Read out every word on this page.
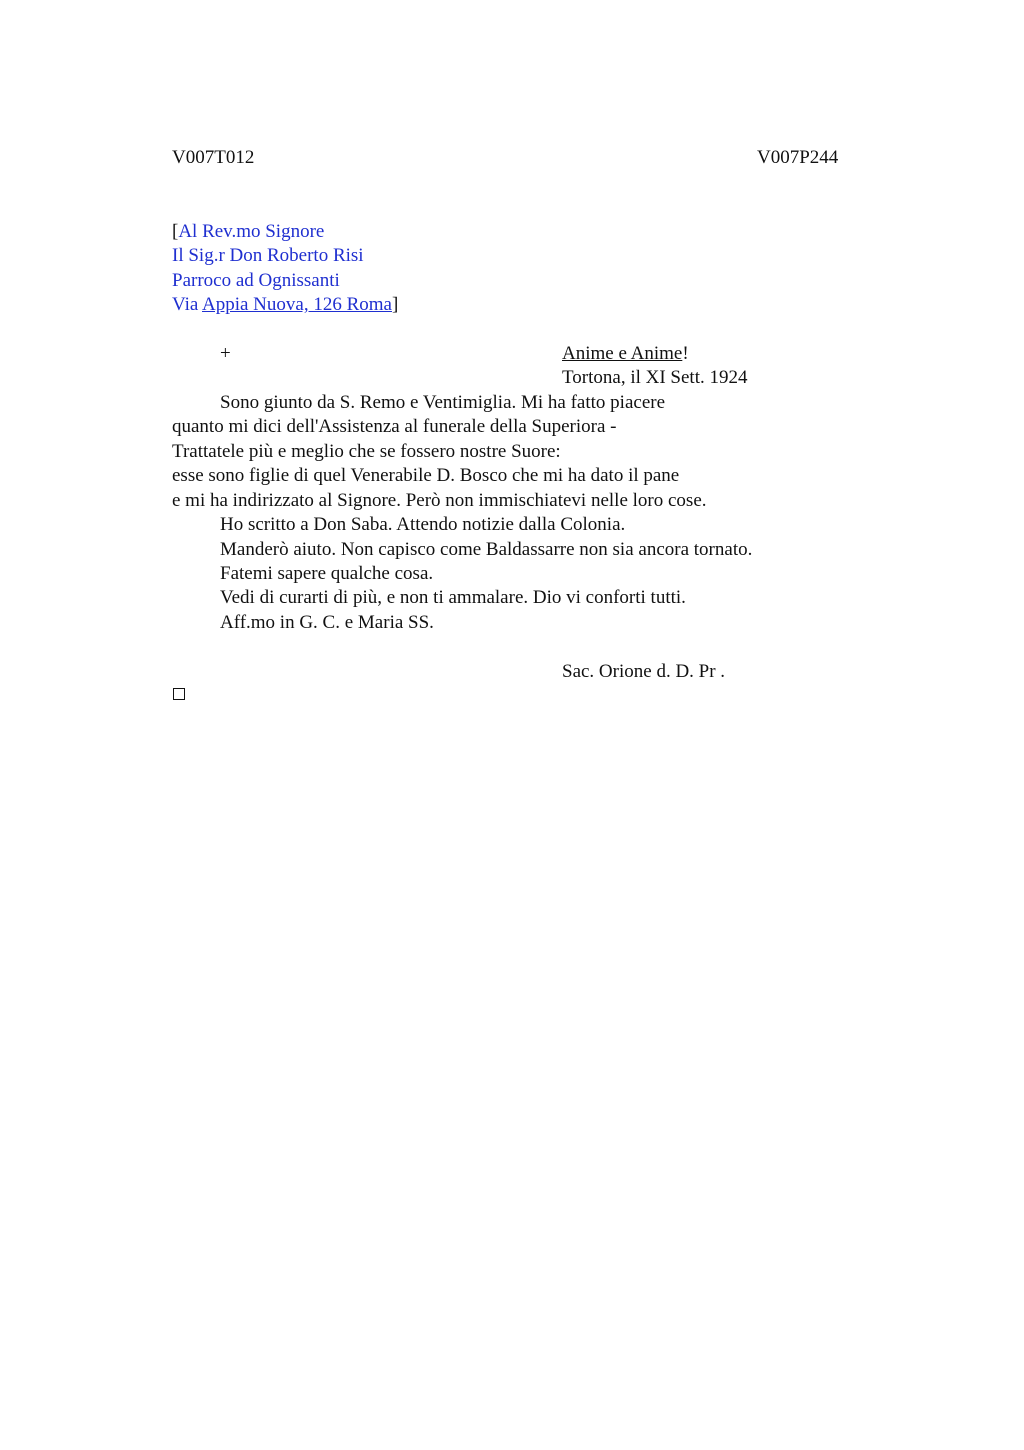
V007T012	V007P244
[Al Rev.mo Signore
Il Sig.r Don Roberto Risi
Parroco ad Ognissanti
Via Appia Nuova, 126 Roma]
+	Anime e Anime!
Tortona, il XI Sett. 1924
Sono giunto da S. Remo e Ventimiglia. Mi ha fatto piacere
quanto mi dici dell'Assistenza al funerale della Superiora -
Trattatele più e meglio che se fossero nostre Suore:
esse sono figlie di quel Venerabile D. Bosco che mi ha dato il pane
e mi ha indirizzato al Signore. Però non immischiatevi nelle loro cose.
Ho scritto a Don Saba. Attendo notizie dalla Colonia.
Manderò aiuto. Non capisco come Baldassarre non sia ancora tornato.
Fatemi sapere qualche cosa.
Vedi di curarti di più, e non ti ammalare. Dio vi conforti tutti.
Aff.mo in G. C. e Maria SS.
Sac. Orione d. D. Pr .
